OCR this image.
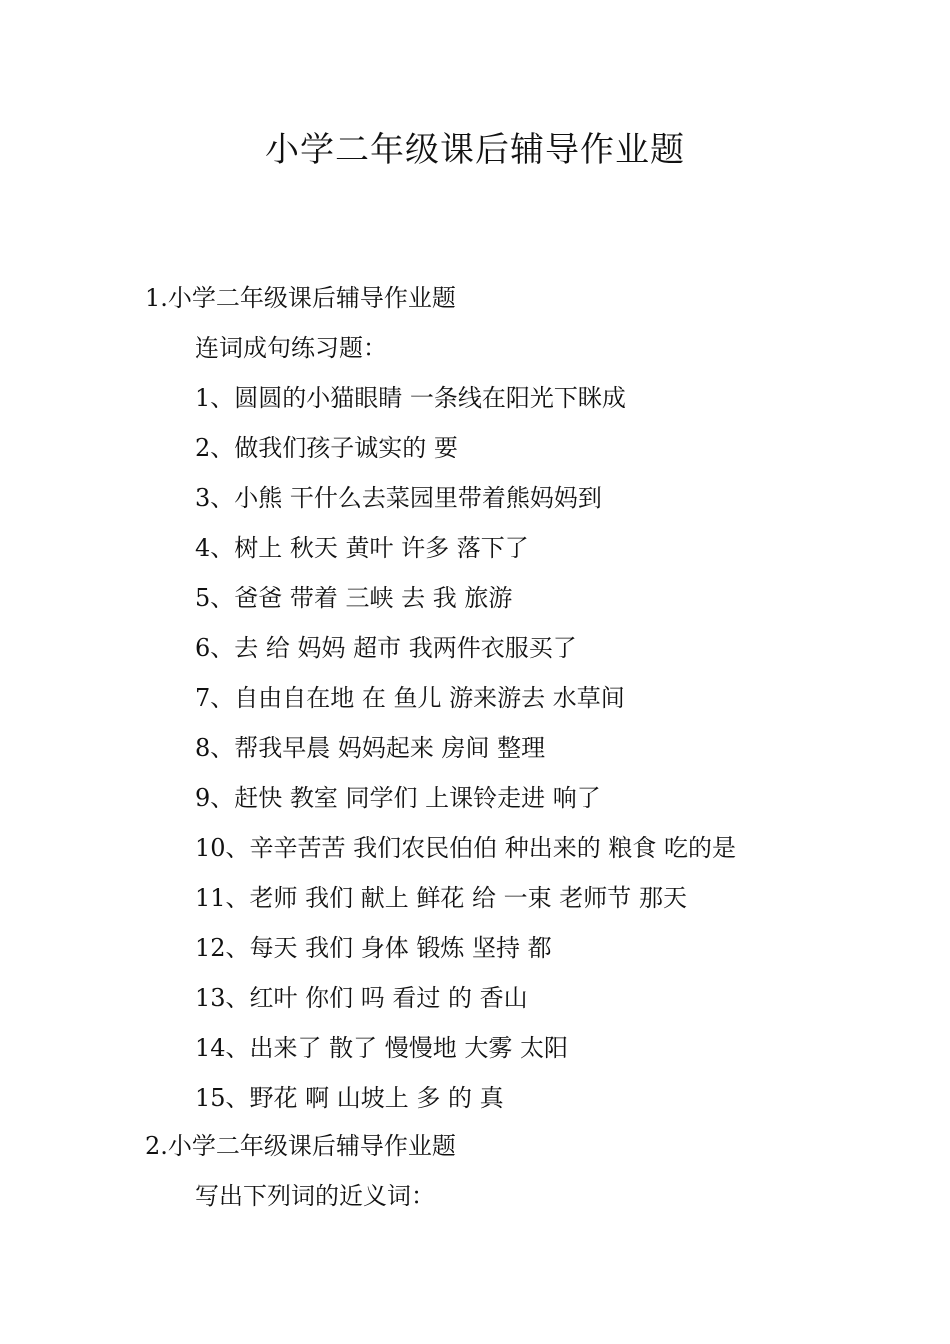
小学二年级课后辅导作业题
1.小学二年级课后辅导作业题
连词成句练习题：
1、圆圆的小猫眼睛 一条线在阳光下眯成
2、做我们孩子诚实的 要
3、小熊 干什么去菜园里带着熊妈妈到
4、树上 秋天 黄叶 许多 落下了
5、爸爸 带着 三峡 去 我 旅游
6、去 给 妈妈 超市 我两件衣服买了
7、自由自在地 在 鱼儿 游来游去 水草间
8、帮我早晨 妈妈起来 房间 整理
9、赶快 教室 同学们 上课铃走进 响了
10、辛辛苦苦 我们农民伯伯 种出来的 粮食 吃的是
11、老师 我们 献上 鲜花 给 一束 老师节 那天
12、每天 我们 身体 锻炼 坚持 都
13、红叶 你们 吗 看过 的 香山
14、出来了 散了 慢慢地 大雾 太阳
15、野花 啊 山坡上 多 的 真
2.小学二年级课后辅导作业题
写出下列词的近义词：
